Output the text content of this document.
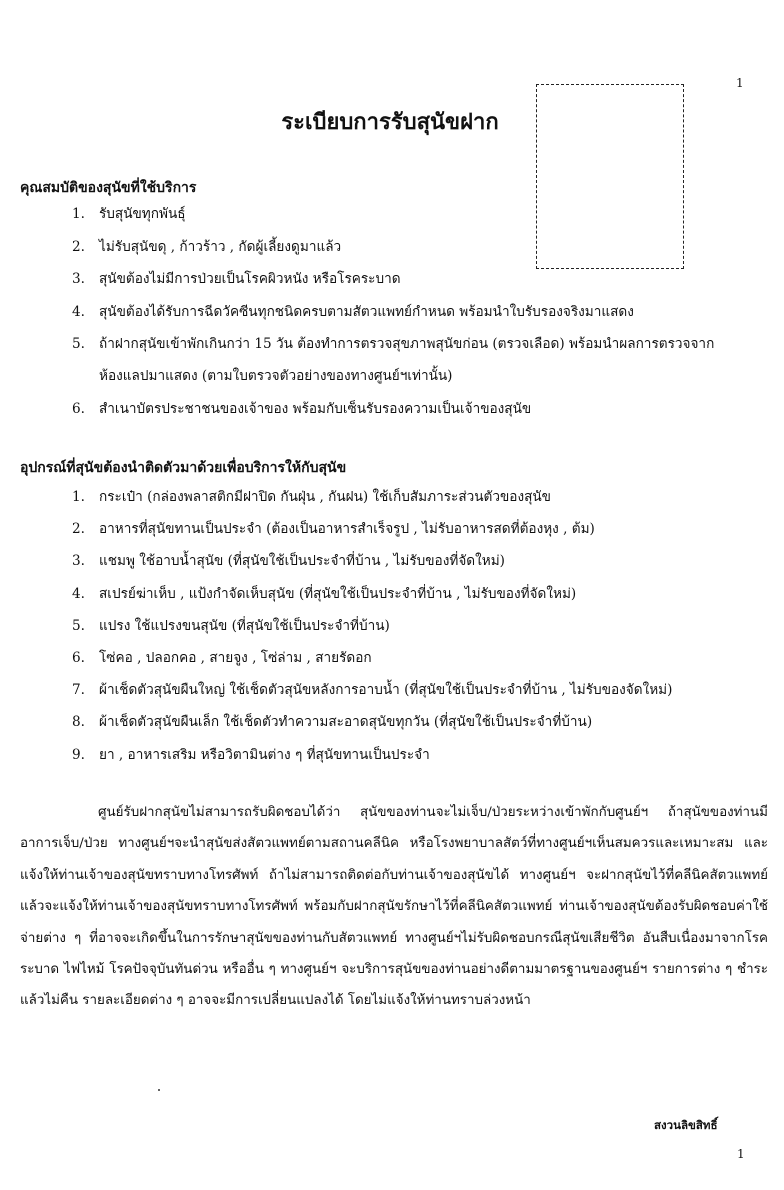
1
ระเบียบการรับสุนัขฝาก
คุณสมบัติของสุนัขที่ใช้บริการ
1. รับสุนัขทุกพันธุ์
2. ไม่รับสุนัขดุ , ก้าวร้าว , กัดผู้เลี้ยงดูมาแล้ว
3. สุนัขต้องไม่มีการป่วยเป็นโรคผิวหนัง หรือโรคระบาด
4. สุนัขต้องได้รับการฉีดวัคซีนทุกชนิดครบตามสัตวแพทย์กำหนด พร้อมนำใบรับรองจริงมาแสดง
5. ถ้าฝากสุนัขเข้าพักเกินกว่า 15 วัน ต้องทำการตรวจสุขภาพสุนัขก่อน (ตรวจเลือด) พร้อมนำผลการตรวจจาก
ห้องแลปมาแสดง (ตามใบตรวจตัวอย่างของทางศูนย์ฯเท่านั้น)
6. สำเนาบัตรประชาชนของเจ้าของ พร้อมกับเซ็นรับรองความเป็นเจ้าของสุนัข
อุปกรณ์ที่สุนัขต้องนำติดตัวมาด้วยเพื่อบริการให้กับสุนัข
1. กระเป๋า (กล่องพลาสติกมีฝาปิด กันฝุ่น , กันฝน) ใช้เก็บสัมภาระส่วนตัวของสุนัข
2. อาหารที่สุนัขทานเป็นประจำ (ต้องเป็นอาหารสำเร็จรูป , ไม่รับอาหารสดที่ต้องหุง , ต้ม)
3. แชมพู ใช้อาบน้ำสุนัข (ที่สุนัขใช้เป็นประจำที่บ้าน , ไม่รับของที่จัดใหม่)
4. สเปรย์ฆ่าเห็บ , แป้งกำจัดเห็บสุนัข (ที่สุนัขใช้เป็นประจำที่บ้าน , ไม่รับของที่จัดใหม่)
5. แปรง ใช้แปรงขนสุนัข (ที่สุนัขใช้เป็นประจำที่บ้าน)
6. โซ่คอ , ปลอกคอ , สายจูง , โซ่ล่าม , สายรัดอก
7. ผ้าเช็ดตัวสุนัขผืนใหญ่ ใช้เช็ดตัวสุนัขหลังการอาบน้ำ (ที่สุนัขใช้เป็นประจำที่บ้าน , ไม่รับของจัดใหม่)
8. ผ้าเช็ดตัวสุนัขผืนเล็ก ใช้เช็ดตัวทำความสะอาดสุนัขทุกวัน (ที่สุนัขใช้เป็นประจำที่บ้าน)
9. ยา , อาหารเสริม หรือวิตามินต่าง ๆ ที่สุนัขทานเป็นประจำ

ศูนย์รับฝากสุนัขไม่สามารถรับผิดชอบได้ว่า สุนัขของท่านจะไม่เจ็บ/ป่วยระหว่างเข้าพักกับศูนย์ฯ ถ้าสุนัขของท่านมีอาการเจ็บ/ป่วย ทางศูนย์ฯจะนำสุนัขส่งสัตวแพทย์ตามสถานคลีนิค หรือโรงพยาบาลสัตว์ที่ทางศูนย์ฯเห็นสมควรและเหมาะสม และแจ้งให้ท่านเจ้าของสุนัขทราบทางโทรศัพท์ ถ้าไม่สามารถติดต่อกับท่านเจ้าของสุนัขได้ ทางศูนย์ฯ จะฝากสุนัขไว้ที่คลีนิคสัตวแพทย์แล้วจะแจ้งให้ท่านเจ้าของสุนัขทราบทางโทรศัพท์ พร้อมกับฝากสุนัขรักษาไว้ที่คลีนิคสัตวแพทย์ ท่านเจ้าของสุนัขต้องรับผิดชอบค่าใช้จ่ายต่าง ๆ ที่อาจจะเกิดขึ้นในการรักษาสุนัขของท่านกับสัตวแพทย์ ทางศูนย์ฯไม่รับผิดชอบกรณีสุนัขเสียชีวิต อันสืบเนื่องมาจากโรคระบาด ไฟไหม้ โรคปัจจุบันทันด่วน หรืออื่น ๆ ทางศูนย์ฯ จะบริการสุนัขของท่านอย่างดีตามมาตรฐานของศูนย์ฯ รายการต่าง ๆ ชำระแล้วไม่คืน รายละเอียดต่าง ๆ อาจจะมีการเปลี่ยนแปลงได้ โดยไม่แจ้งให้ท่านทราบล่วงหน้า

สงวนลิขสิทธิ์
1
